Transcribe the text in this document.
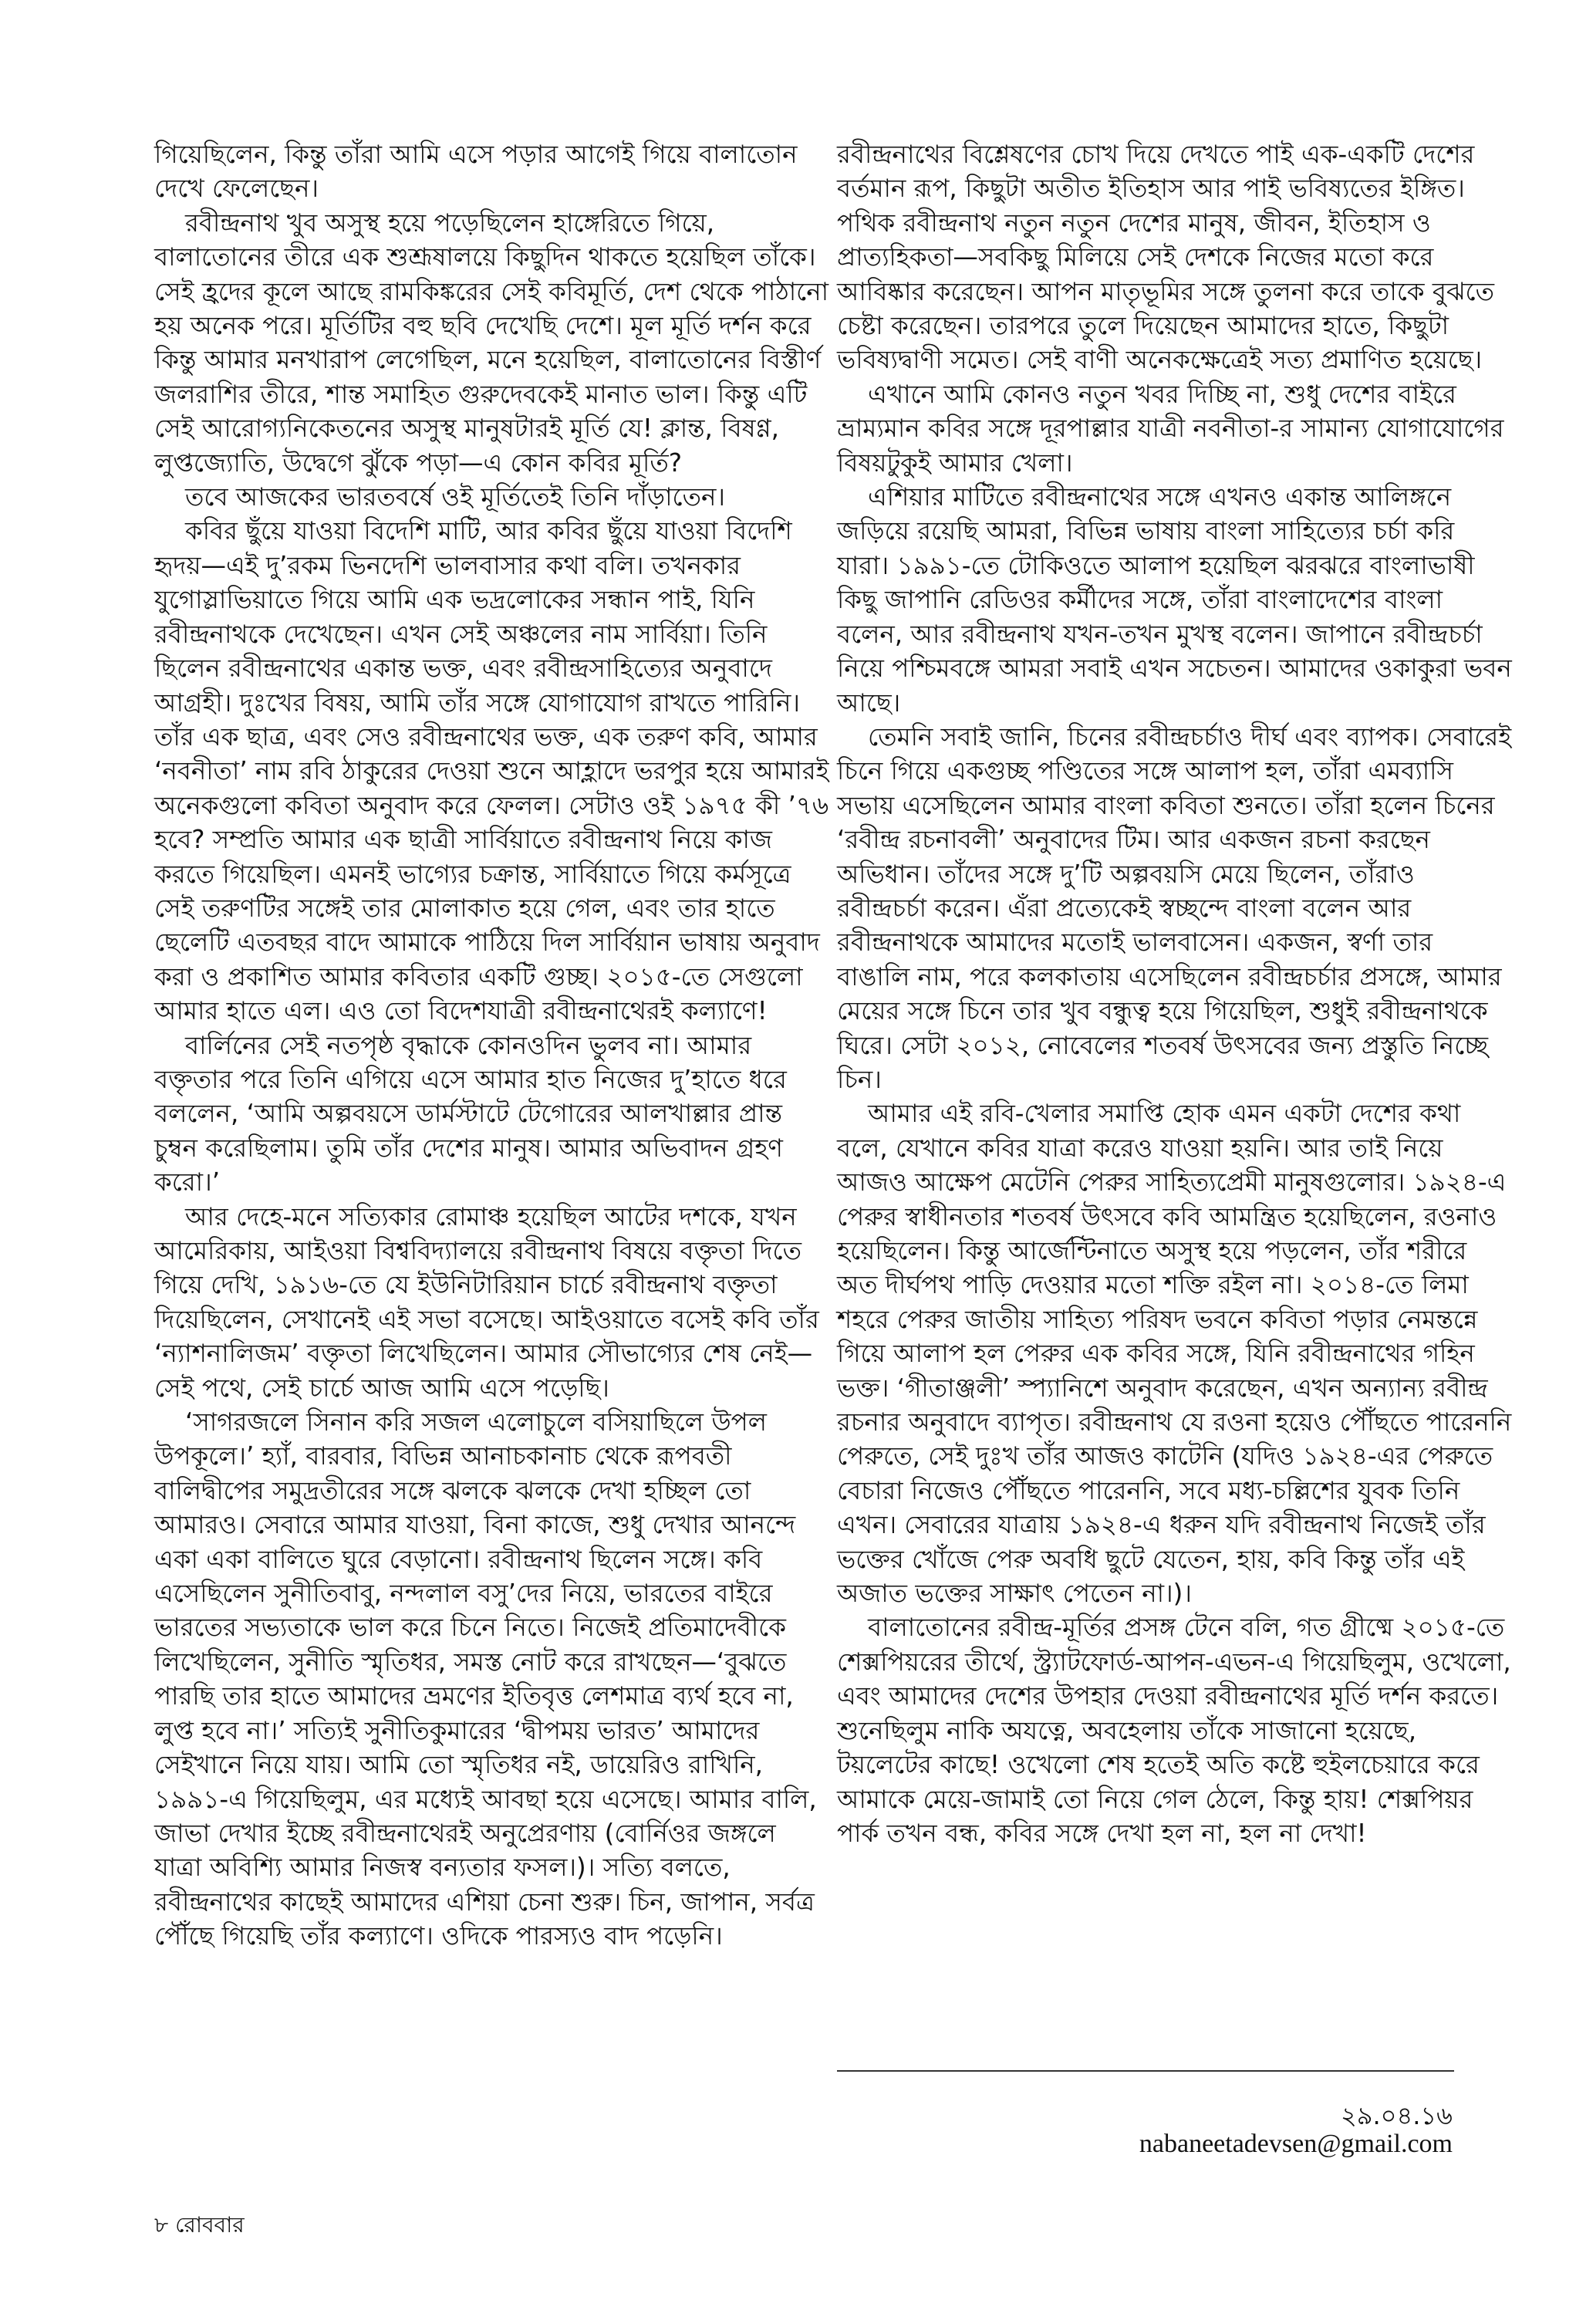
গিয়েছিলেন, কিন্তু তাঁরা আমি এসে পড়ার আগেই গিয়ে বালাতোন দেখে ফেলেছেন।

রবীন্দ্রনাথ খুব অসুস্থ হয়ে পড়েছিলেন হাঙ্গেরিতে গিয়ে, বালাতোনের তীরে এক শুশ্রূষালয়ে কিছুদিন থাকতে হয়েছিল তাঁকে। সেই হ্রদের কূলে আছে রামকিঙ্করের সেই কবিমূর্তি, দেশ থেকে পাঠানো হয় অনেক পরে। মূর্তিটির বহু ছবি দেখেছি দেশে। মূল মূর্তি দর্শন করে কিন্তু আমার মনখারাপ লেগেছিল, মনে হয়েছিল, বালাতোনের বিস্তীর্ণ জলরাশির তীরে, শান্ত সমাহিত গুরুদেবকেই মানাত ভাল। কিন্তু এটি সেই আরোগ্যনিকেতনের অসুস্থ মানুষটারই মূর্তি যে! ক্লান্ত, বিষণ্ণ, লুপ্তজ্যোতি, উদ্বেগে ঝুঁকে পড়া—এ কোন কবির মূর্তি?

তবে আজকের ভারতবর্ষে ওই মূর্তিতেই তিনি দাঁড়াতেন।

কবির ছুঁয়ে যাওয়া বিদেশি মাটি, আর কবির ছুঁয়ে যাওয়া বিদেশি হৃদয়—এই দু’রকম ভিনদেশি ভালবাসার কথা বলি। তখনকার যুগোস্লাভিয়াতে গিয়ে আমি এক ভদ্রলোকের সন্ধান পাই, যিনি রবীন্দ্রনাথকে দেখেছেন। এখন সেই অঞ্চলের নাম সার্বিয়া। তিনি ছিলেন রবীন্দ্রনাথের একান্ত ভক্ত, এবং রবীন্দ্রসাহিত্যের অনুবাদে আগ্রহী। দুঃখের বিষয়, আমি তাঁর সঙ্গে যোগাযোগ রাখতে পারিনি। তাঁর এক ছাত্র, এবং সেও রবীন্দ্রনাথের ভক্ত, এক তরুণ কবি, আমার ‘নবনীতা’ নাম রবি ঠাকুরের দেওয়া শুনে আহ্লাদে ভরপুর হয়ে আমারই অনেকগুলো কবিতা অনুবাদ করে ফেলল। সেটাও ওই ১৯৭৫ কী ’৭৬ হবে? সম্প্রতি আমার এক ছাত্রী সার্বিয়াতে রবীন্দ্রনাথ নিয়ে কাজ করতে গিয়েছিল। এমনই ভাগ্যের চক্রান্ত, সার্বিয়াতে গিয়ে কর্মসূত্রে সেই তরুণটির সঙ্গেই তার মোলাকাত হয়ে গেল, এবং তার হাতে ছেলেটি এতবছর বাদে আমাকে পাঠিয়ে দিল সার্বিয়ান ভাষায় অনুবাদ করা ও প্রকাশিত আমার কবিতার একটি গুচ্ছ। ২০১৫-তে সেগুলো আমার হাতে এল। এও তো বিদেশযাত্রী রবীন্দ্রনাথেরই কল্যাণে!

বার্লিনের সেই নতপৃষ্ঠ বৃদ্ধাকে কোনওদিন ভুলব না। আমার বক্তৃতার পরে তিনি এগিয়ে এসে আমার হাত নিজের দু’হাতে ধরে বললেন, ‘আমি অল্পবয়সে ডার্মস্টাটে টেগোরের আলখাল্লার প্রান্ত চুম্বন করেছিলাম। তুমি তাঁর দেশের মানুষ। আমার অভিবাদন গ্রহণ করো।’

আর দেহে-মনে সত্যিকার রোমাঞ্চ হয়েছিল আটের দশকে, যখন আমেরিকায়, আইওয়া বিশ্ববিদ্যালয়ে রবীন্দ্রনাথ বিষয়ে বক্তৃতা দিতে গিয়ে দেখি, ১৯১৬-তে যে ইউনিটারিয়ান চার্চে রবীন্দ্রনাথ বক্তৃতা দিয়েছিলেন, সেখানেই এই সভা বসেছে। আইওয়াতে বসেই কবি তাঁর ‘ন্যাশনালিজম’ বক্তৃতা লিখেছিলেন। আমার সৌভাগ্যের শেষ নেই—সেই পথে, সেই চার্চে আজ আমি এসে পড়েছি।

‘সাগরজলে সিনান করি সজল এলোচুলে বসিয়াছিলে উপল উপকূলে।’ হ্যাঁ, বারবার, বিভিন্ন আনাচকানাচ থেকে রূপবতী বালিদ্বীপের সমুদ্রতীরের সঙ্গে ঝলকে ঝলকে দেখা হচ্ছিল তো আমারও। সেবারে আমার যাওয়া, বিনা কাজে, শুধু দেখার আনন্দে একা একা বালিতে ঘুরে বেড়ানো। রবীন্দ্রনাথ ছিলেন সঙ্গে। কবি এসেছিলেন সুনীতিবাবু, নন্দলাল বসু’দের নিয়ে, ভারতের বাইরে ভারতের সভ্যতাকে ভাল করে চিনে নিতে। নিজেই প্রতিমাদেবীকে লিখেছিলেন, সুনীতি স্মৃতিধর, সমস্ত নোট করে রাখছেন—‘বুঝতে পারছি তার হাতে আমাদের ভ্রমণের ইতিবৃত্ত লেশমাত্র ব্যর্থ হবে না, লুপ্ত হবে না।’ সত্যিই সুনীতিকুমারের ‘দ্বীপময় ভারত’ আমাদের সেইখানে নিয়ে যায়। আমি তো স্মৃতিধর নই, ডায়েরিও রাখিনি, ১৯৯১-এ গিয়েছিলুম, এর মধ্যেই আবছা হয়ে এসেছে। আমার বালি, জাভা দেখার ইচ্ছে রবীন্দ্রনাথেরই অনুপ্রেরণায় (বোর্নিওর জঙ্গলে যাত্রা অবিশ্যি আমার নিজস্ব বন্যতার ফসল।)। সত্যি বলতে, রবীন্দ্রনাথের কাছেই আমাদের এশিয়া চেনা শুরু। চিন, জাপান, সর্বত্র পৌঁছে গিয়েছি তাঁর কল্যাণে। ওদিকে পারস্যও বাদ পড়েনি।

রবীন্দ্রনাথের বিশ্লেষণের চোখ দিয়ে দেখতে পাই এক-একটি দেশের বর্তমান রূপ, কিছুটা অতীত ইতিহাস আর পাই ভবিষ্যতের ইঙ্গিত। পথিক রবীন্দ্রনাথ নতুন নতুন দেশের মানুষ, জীবন, ইতিহাস ও প্রাত্যহিকতা—সবকিছু মিলিয়ে সেই দেশকে নিজের মতো করে আবিষ্কার করেছেন। আপন মাতৃভূমির সঙ্গে তুলনা করে তাকে বুঝতে চেষ্টা করেছেন। তারপরে তুলে দিয়েছেন আমাদের হাতে, কিছুটা ভবিষ্যদ্বাণী সমেত। সেই বাণী অনেকক্ষেত্রেই সত্য প্রমাণিত হয়েছে।

এখানে আমি কোনও নতুন খবর দিচ্ছি না, শুধু দেশের বাইরে ভ্রাম্যমান কবির সঙ্গে দূরপাল্লার যাত্রী নবনীতা-র সামান্য যোগাযোগের বিষয়টুকুই আমার খেলা।

এশিয়ার মাটিতে রবীন্দ্রনাথের সঙ্গে এখনও একান্ত আলিঙ্গনে জড়িয়ে রয়েছি আমরা, বিভিন্ন ভাষায় বাংলা সাহিত্যের চর্চা করি যারা। ১৯৯১-তে টোকিওতে আলাপ হয়েছিল ঝরঝরে বাংলাভাষী কিছু জাপানি রেডিওর কর্মীদের সঙ্গে, তাঁরা বাংলাদেশের বাংলা বলেন, আর রবীন্দ্রনাথ যখন-তখন মুখস্থ বলেন। জাপানে রবীন্দ্রচর্চা নিয়ে পশ্চিমবঙ্গে আমরা সবাই এখন সচেতন। আমাদের ওকাকুরা ভবন আছে।

তেমনি সবাই জানি, চিনের রবীন্দ্রচর্চাও দীর্ঘ এবং ব্যাপক। সেবারেই চিনে গিয়ে একগুচ্ছ পণ্ডিতের সঙ্গে আলাপ হল, তাঁরা এমব্যাসি সভায় এসেছিলেন আমার বাংলা কবিতা শুনতে। তাঁরা হলেন চিনের ‘রবীন্দ্র রচনাবলী’ অনুবাদের টিম। আর একজন রচনা করছেন অভিধান। তাঁদের সঙ্গে দু’টি অল্পবয়সি মেয়ে ছিলেন, তাঁরাও রবীন্দ্রচর্চা করেন। এঁরা প্রত্যেকেই স্বচ্ছন্দে বাংলা বলেন আর রবীন্দ্রনাথকে আমাদের মতোই ভালবাসেন। একজন, স্বর্ণা তার বাঙালি নাম, পরে কলকাতায় এসেছিলেন রবীন্দ্রচর্চার প্রসঙ্গে, আমার মেয়ের সঙ্গে চিনে তার খুব বন্ধুত্ব হয়ে গিয়েছিল, শুধুই রবীন্দ্রনাথকে ঘিরে। সেটা ২০১২, নোবেলের শতবর্ষ উৎসবের জন্য প্রস্তুতি নিচ্ছে চিন।

আমার এই রবি-খেলার সমাপ্তি হোক এমন একটা দেশের কথা বলে, যেখানে কবির যাত্রা করেও যাওয়া হয়নি। আর তাই নিয়ে আজও আক্ষেপ মেটেনি পেরুর সাহিত্যপ্রেমী মানুষগুলোর। ১৯২৪-এ পেরুর স্বাধীনতার শতবর্ষ উৎসবে কবি আমন্ত্রিত হয়েছিলেন, রওনাও হয়েছিলেন। কিন্তু আর্জেন্টিনাতে অসুস্থ হয়ে পড়লেন, তাঁর শরীরে অত দীর্ঘপথ পাড়ি দেওয়ার মতো শক্তি রইল না। ২০১৪-তে লিমা শহরে পেরুর জাতীয় সাহিত্য পরিষদ ভবনে কবিতা পড়ার নেমন্তন্নে গিয়ে আলাপ হল পেরুর এক কবির সঙ্গে, যিনি রবীন্দ্রনাথের গহিন ভক্ত। ‘গীতাঞ্জলী’ স্প্যানিশে অনুবাদ করেছেন, এখন অন্যান্য রবীন্দ্র রচনার অনুবাদে ব্যাপৃত। রবীন্দ্রনাথ যে রওনা হয়েও পৌঁছতে পারেননি পেরুতে, সেই দুঃখ তাঁর আজও কাটেনি (যদিও ১৯২৪-এর পেরুতে বেচারা নিজেও পৌঁছতে পারেননি, সবে মধ্য-চল্লিশের যুবক তিনি এখন। সেবারের যাত্রায় ১৯২৪-এ ধরুন যদি রবীন্দ্রনাথ নিজেই তাঁর ভক্তের খোঁজে পেরু অবধি ছুটে যেতেন, হায়, কবি কিন্তু তাঁর এই অজাত ভক্তের সাক্ষাৎ পেতেন না।)।

বালাতোনের রবীন্দ্র-মূর্তির প্রসঙ্গ টেনে বলি, গত গ্রীষ্মে ২০১৫-তে শেক্সপিয়রের তীর্থে, স্ট্র্যাটফোর্ড-আপন-এভন-এ গিয়েছিলুম, ওখেলো, এবং আমাদের দেশের উপহার দেওয়া রবীন্দ্রনাথের মূর্তি দর্শন করতে। শুনেছিলুম নাকি অযত্নে, অবহেলায় তাঁকে সাজানো হয়েছে, টয়লেটের কাছে! ওখেলো শেষ হতেই অতি কষ্টে হুইলচেয়ারে করে আমাকে মেয়ে-জামাই তো নিয়ে গেল ঠেলে, কিন্তু হায়! শেক্সপিয়র পার্ক তখন বন্ধ, কবির সঙ্গে দেখা হল না, হল না দেখা!

২৯.০৪.১৬
nabaneetadevsen@gmail.com
৮ রোববার
